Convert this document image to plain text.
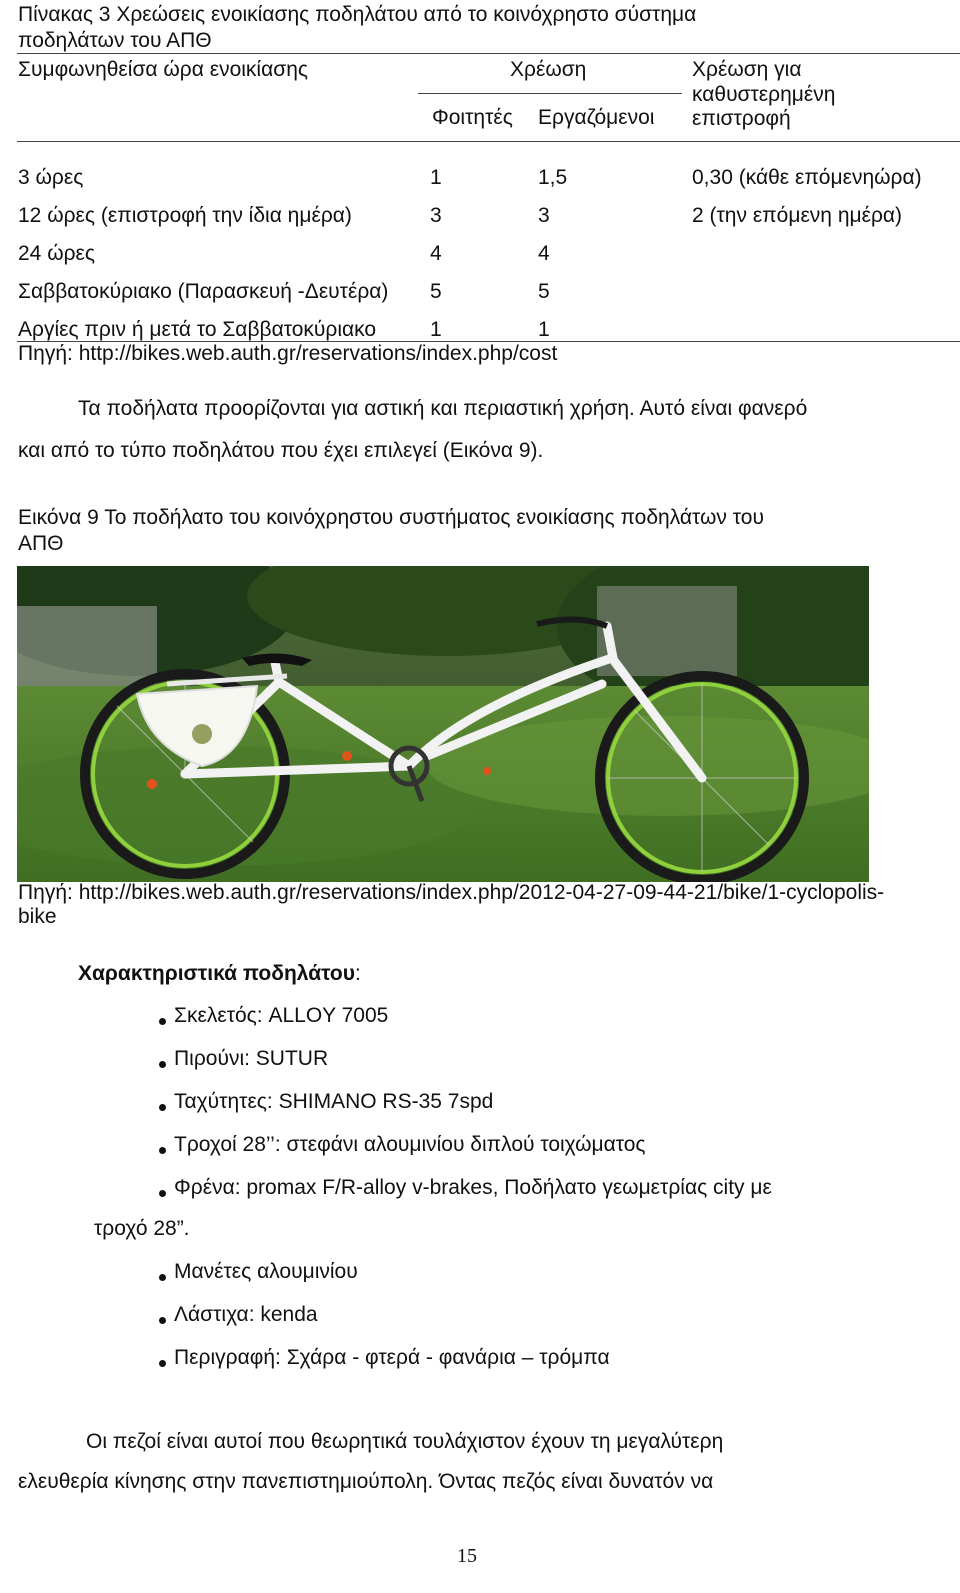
Πίνακας 3 Χρεώσεις ενοικίασης ποδηλάτου από το κοινόχρηστο σύστημα
ποδηλάτων του ΑΠΘ
Συμφωνηθείσα ώρα ενοικίασης	Χρέωση
Φοιτητές Εργαζόμενοι
Χρέωση για
καθυστερημένη
επιστροφή
3 ώρες	1	1,5	0,30 (κάθε επόμενηώρα)
12 ώρες (επιστροφή την ίδια ημέρα)	3	3	2 (την επόμενη ημέρα)
24 ώρες	4	4
Σαββατοκύριακο (Παρασκευή -Δευτέρα) 5	5
Αργίες πριν ή μετά το Σαββατοκύριακο	1	1
Πηγή: http://bikes.web.auth.gr/reservations/index.php/cost
Τα ποδήλατα προορίζονται για αστική και περιαστική χρήση. Αυτό είναι φανερό
και από το τύπο ποδηλάτου που έχει επιλεγεί (Εικόνα 9).
Εικόνα 9 Το ποδήλατο του κοινόχρηστου συστήματος ενοικίασης ποδηλάτων του
ΑΠΘ
Πηγή: http://bikes.web.auth.gr/reservations/index.php/2012-04-27-09-44-21/bike/1-cyclopolis-
bike
Χαρακτηριστικά ποδηλάτου:
Σκελετός: ALLOY 7005
Πιρούνι: SUTUR
Ταχύτητες: SHIMANO RS-35 7spd
Τροχοί 28’’: στεφάνι αλουμινίου διπλού τοιχώματος
Φρένα: promax F/R-alloy v-brakes, Ποδήλατο γεωμετρίας city με
τροχό 28”.
Μανέτες αλουμινίου
Λάστιχα: kenda
Περιγραφή: Σχάρα - φτερά - φανάρια – τρόμπα
Οι πεζοί είναι αυτοί που θεωρητικά τουλάχιστον έχουν τη μεγαλύτερη
ελευθερία κίνησης στην πανεπιστημιούπολη. Όντας πεζός είναι δυνατόν να
15
